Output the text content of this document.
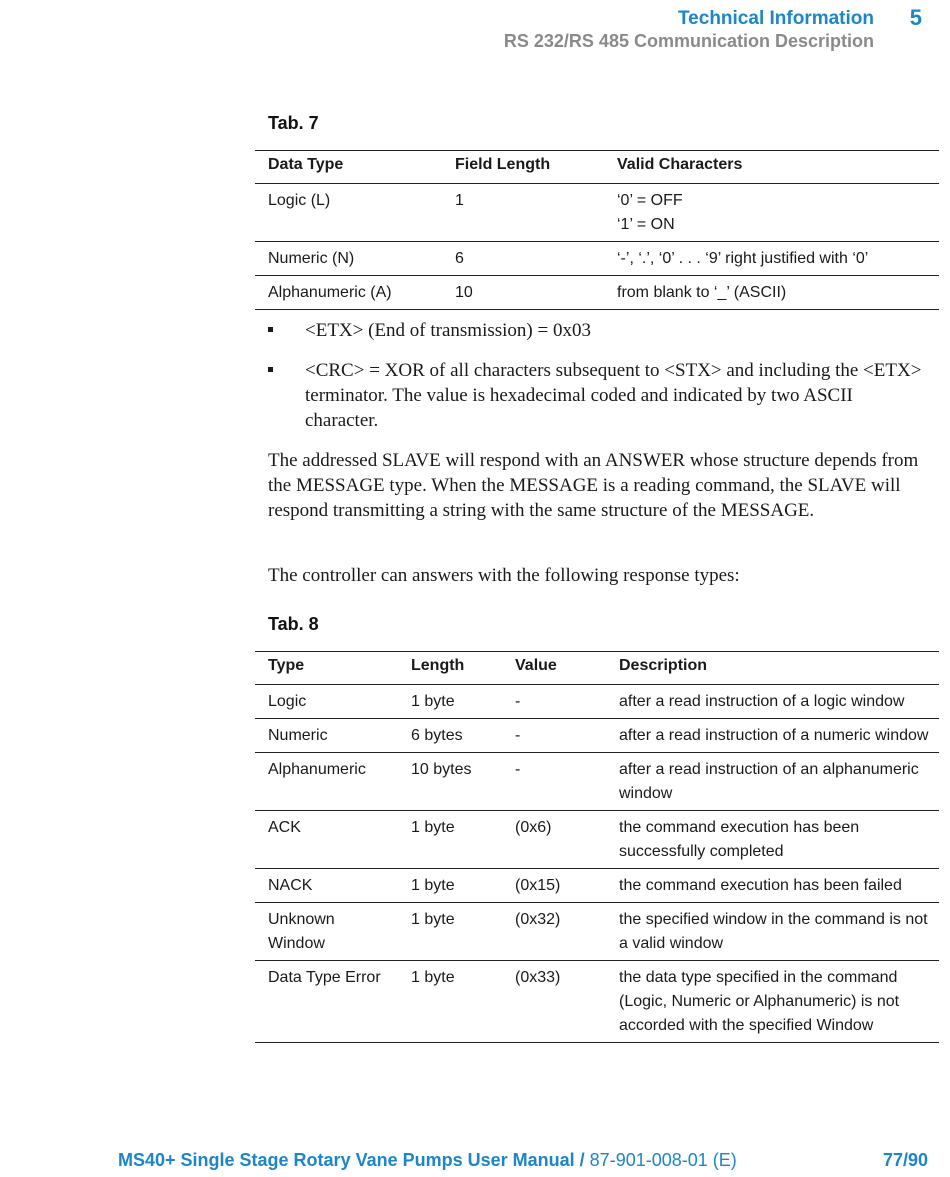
Technical Information 5
RS 232/RS 485 Communication Description
Tab. 7
Data Type	Field Length	Valid Characters
Logic (L)	1	‘0’ = OFF
‘1’ = ON

Numeric (N)	6	‘-’, ‘.’, ‘0’ . . . ‘9’ right justified with ‘0’
Alphanumeric (A)	10	from blank to ‘_’ (ASCII)
<ETX> (End of transmission) = 0x03
<CRC> = XOR of all characters subsequent to <STX> and including the <ETX> terminator. The value is hexadecimal coded and indicated by two ASCII character.

The addressed SLAVE will respond with an ANSWER whose structure depends from the MESSAGE type. When the MESSAGE is a reading command, the SLAVE will respond transmitting a string with the same structure of the MESSAGE.

The controller can answers with the following response types:

Tab. 8
Type	Length	Value	Description
Logic	1 byte	-	after a read instruction of a logic window
Numeric	6 bytes	-	after a read instruction of a numeric window
Alphanumeric	10 bytes	-	after a read instruction of an alphanumeric window
ACK	1 byte	(0x6)	the command execution has been successfully completed
NACK	1 byte	(0x15)	the command execution has been failed
Unknown Window	1 byte	(0x32)	the specified window in the command is not a valid window
Data Type Error	1 byte	(0x33)	the data type specified in the command (Logic, Numeric or Alphanumeric) is not accorded with the specified Window
MS40+ Single Stage Rotary Vane Pumps User Manual / 87-901-008-01 (E)	77/90
